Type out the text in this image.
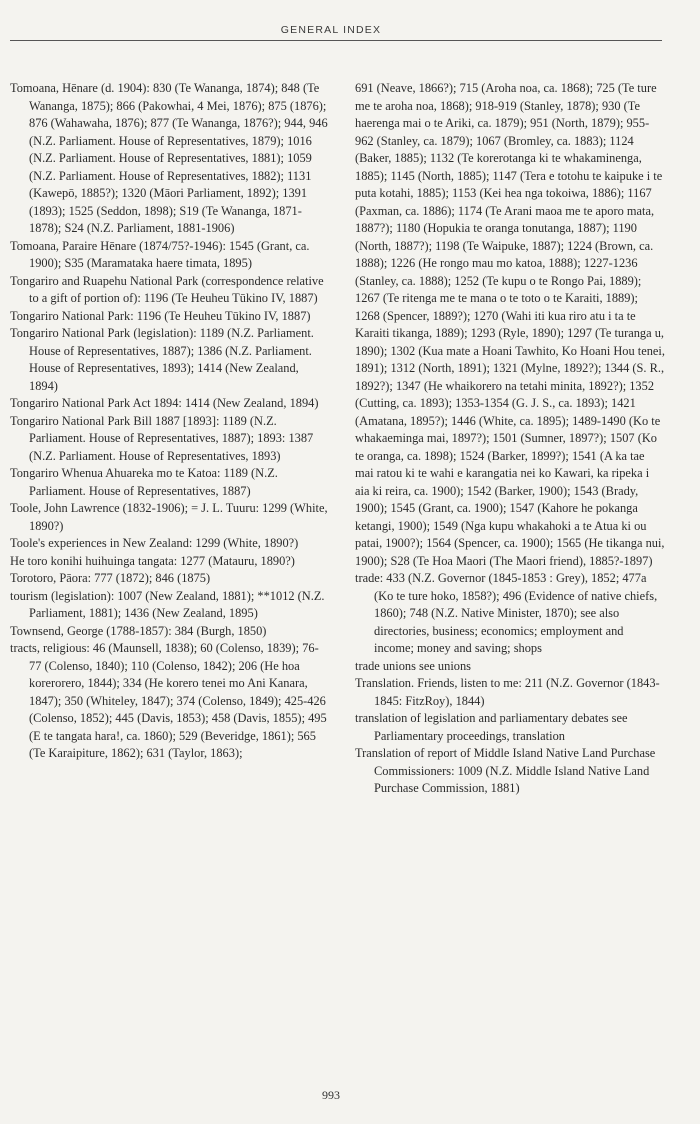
GENERAL INDEX

Tomoana, Hēnare (d. 1904): 830 (Te Wananga, 1874); 848 (Te Wananga, 1875); 866 (Pakowhai, 4 Mei, 1876); 875 (1876); 876 (Wahawaha, 1876); 877 (Te Wananga, 1876?); 944, 946 (N.Z. Parliament. House of Representatives, 1879); 1016 (N.Z. Parliament. House of Representatives, 1881); 1059 (N.Z. Parliament. House of Representatives, 1882); 1131 (Kawepō, 1885?); 1320 (Māori Parliament, 1892); 1391 (1893); 1525 (Seddon, 1898); S19 (Te Wananga, 1871-1878); S24 (N.Z. Parliament, 1881-1906)

Tomoana, Paraire Hēnare (1874/75?-1946): 1545 (Grant, ca. 1900); S35 (Maramataka haere timata, 1895)

Tongariro and Ruapehu National Park (correspondence relative to a gift of portion of): 1196 (Te Heuheu Tūkino IV, 1887)

Tongariro National Park: 1196 (Te Heuheu Tūkino IV, 1887)

Tongariro National Park (legislation): 1189 (N.Z. Parliament. House of Representatives, 1887); 1386 (N.Z. Parliament. House of Representatives, 1893); 1414 (New Zealand, 1894)

Tongariro National Park Act 1894: 1414 (New Zealand, 1894)

Tongariro National Park Bill 1887 [1893]: 1189 (N.Z. Parliament. House of Representatives, 1887); 1893: 1387 (N.Z. Parliament. House of Representatives, 1893)

Tongariro Whenua Ahuareka mo te Katoa: 1189 (N.Z. Parliament. House of Representatives, 1887)

Toole, John Lawrence (1832-1906); = J. L. Tuuru: 1299 (White, 1890?)

Toole's experiences in New Zealand: 1299 (White, 1890?)

He toro konihi huihuinga tangata: 1277 (Matauru, 1890?)

Torotoro, Pāora: 777 (1872); 846 (1875)

tourism (legislation): 1007 (New Zealand, 1881); **1012 (N.Z. Parliament, 1881); 1436 (New Zealand, 1895)

Townsend, George (1788-1857): 384 (Burgh, 1850)

tracts, religious: 46 (Maunsell, 1838); 60 (Colenso, 1839); 76-77 (Colenso, 1840); 110 (Colenso, 1842); 206 (He hoa korerorero, 1844); 334 (He korero tenei mo Ani Kanara, 1847); 350 (Whiteley, 1847); 374 (Colenso, 1849); 425-426 (Colenso, 1852); 445 (Davis, 1853); 458 (Davis, 1855); 495 (E te tangata hara!, ca. 1860); 529 (Beveridge, 1861); 565 (Te Karaipiture, 1862); 631 (Taylor, 1863);

691 (Neave, 1866?); 715 (Aroha noa, ca. 1868); 725 (Te ture me te aroha noa, 1868); 918-919 (Stanley, 1878); 930 (Te haerenga mai o te Ariki, ca. 1879); 951 (North, 1879); 955-962 (Stanley, ca. 1879); 1067 (Bromley, ca. 1883); 1124 (Baker, 1885); 1132 (Te korerotanga ki te whakaminenga, 1885); 1145 (North, 1885); 1147 (Tera e totohu te kaipuke i te puta kotahi, 1885); 1153 (Kei hea nga tokoiwa, 1886); 1167 (Paxman, ca. 1886); 1174 (Te Arani maoa me te aporo mata, 1887?); 1180 (Hopukia te oranga tonutanga, 1887); 1190 (North, 1887?); 1198 (Te Waipuke, 1887); 1224 (Brown, ca. 1888); 1226 (He rongo mau mo katoa, 1888); 1227-1236 (Stanley, ca. 1888); 1252 (Te kupu o te Rongo Pai, 1889); 1267 (Te ritenga me te mana o te toto o te Karaiti, 1889); 1268 (Spencer, 1889?); 1270 (Wahi iti kua riro atu i ta te Karaiti tikanga, 1889); 1293 (Ryle, 1890); 1297 (Te turanga u, 1890); 1302 (Kua mate a Hoani Tawhito, Ko Hoani Hou tenei, 1891); 1312 (North, 1891); 1321 (Mylne, 1892?); 1344 (S. R., 1892?); 1347 (He whaikorero na tetahi minita, 1892?); 1352 (Cutting, ca. 1893); 1353-1354 (G. J. S., ca. 1893); 1421 (Amatana, 1895?); 1446 (White, ca. 1895); 1489-1490 (Ko te whakaeminga mai, 1897?); 1501 (Sumner, 1897?); 1507 (Ko te oranga, ca. 1898); 1524 (Barker, 1899?); 1541 (A ka tae mai ratou ki te wahi e karangatia nei ko Kawari, ka ripeka i aia ki reira, ca. 1900); 1542 (Barker, 1900); 1543 (Brady, 1900); 1545 (Grant, ca. 1900); 1547 (Kahore he pokanga ketangi, 1900); 1549 (Nga kupu whakahoki a te Atua ki ou patai, 1900?); 1564 (Spencer, ca. 1900); 1565 (He tikanga nui, 1900); S28 (Te Hoa Maori (The Maori friend), 1885?-1897)

trade: 433 (N.Z. Governor (1845-1853 : Grey), 1852; 477a (Ko te ture hoko, 1858?); 496 (Evidence of native chiefs, 1860); 748 (N.Z. Native Minister, 1870); see also directories, business; economics; employment and income; money and saving; shops

trade unions see unions

Translation. Friends, listen to me: 211 (N.Z. Governor (1843-1845: FitzRoy), 1844)

translation of legislation and parliamentary debates see Parliamentary proceedings, translation

Translation of report of Middle Island Native Land Purchase Commissioners: 1009 (N.Z. Middle Island Native Land Purchase Commission, 1881)

993
